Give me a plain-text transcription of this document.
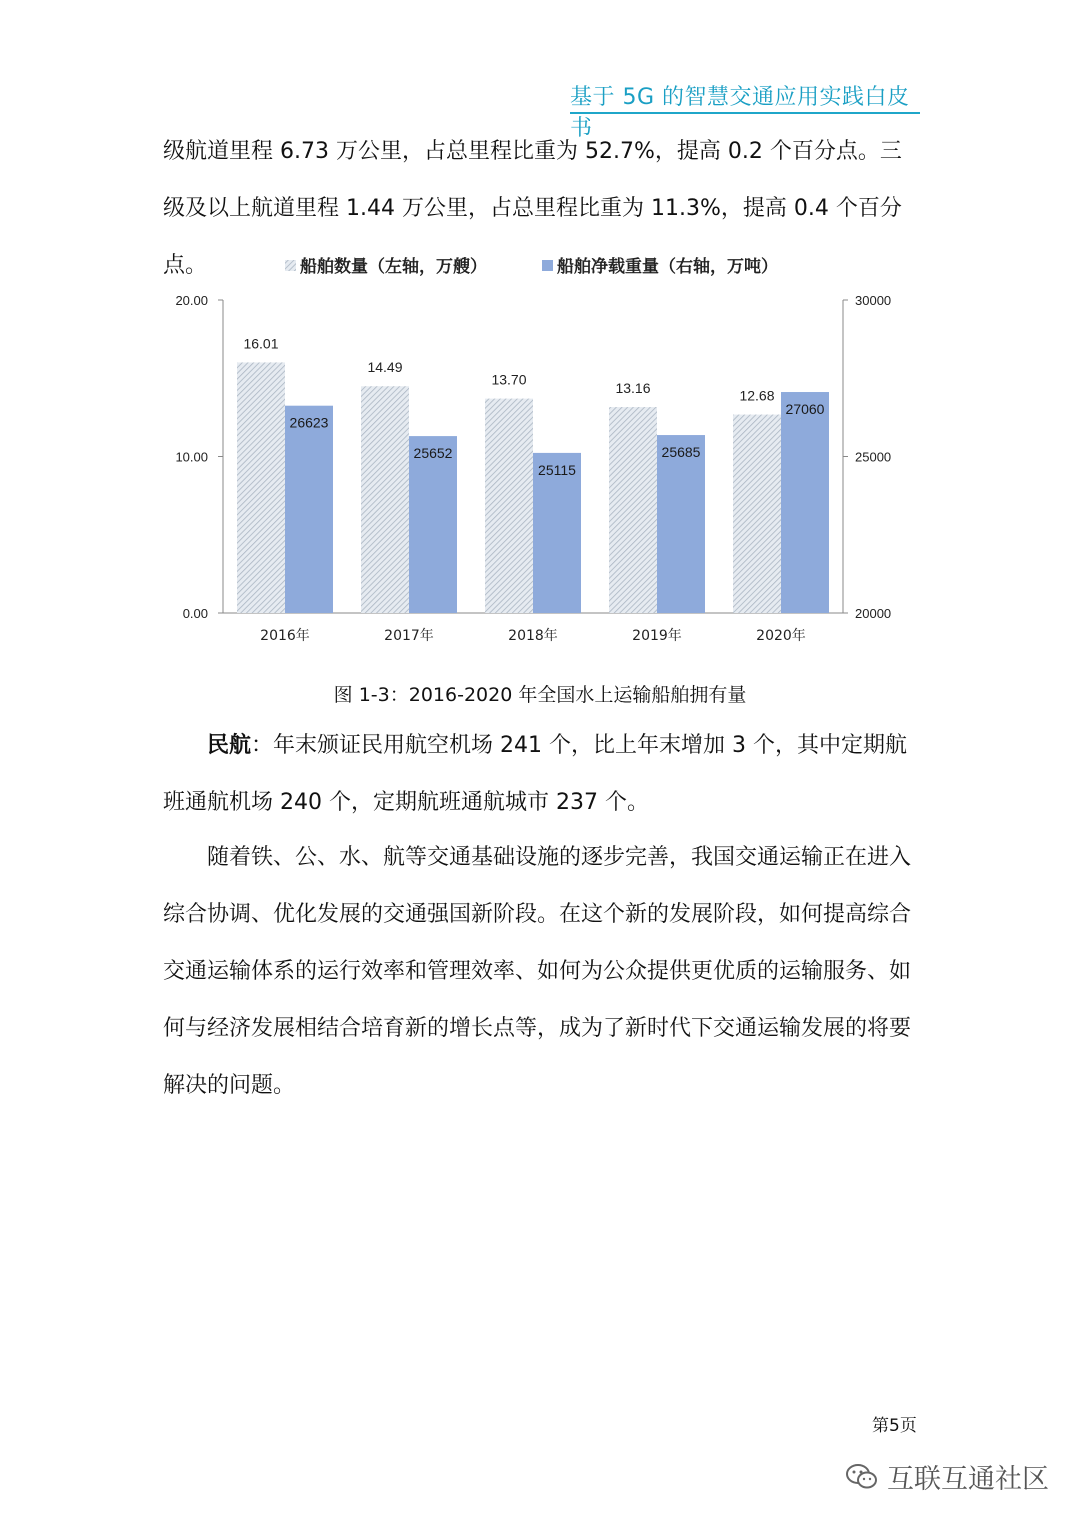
基于 5G 的智慧交通应用实践白皮书

级航道里程 6.73 万公里，占总里程比重为 52.7%，提高 0.2 个百分点。三级及以上航道里程 1.44 万公里，占总里程比重为 11.3%，提高 0.4 个百分点。

0.00
10.00
20.00
20000
25000
30000
16.01
26623
2016年
14.49
25652
2017年
13.70
25115
2018年
13.16
25685
2019年
12.68
27060
2020年
船舶数量（左轴，万艘）	船舶净载重量（右轴，万吨）
图 1-3：2016-2020 年全国水上运输船舶拥有量

民航：年末颁证民用航空机场 241 个，比上年末增加 3 个，其中定期航班通航机场 240 个，定期航班通航城市 237 个。

随着铁、公、水、航等交通基础设施的逐步完善，我国交通运输正在进入综合协调、优化发展的交通强国新阶段。在这个新的发展阶段，如何提高综合交通运输体系的运行效率和管理效率、如何为公众提供更优质的运输服务、如何与经济发展相结合培育新的增长点等，成为了新时代下交通运输发展的将要解决的问题。

第5页
互联互通社区
